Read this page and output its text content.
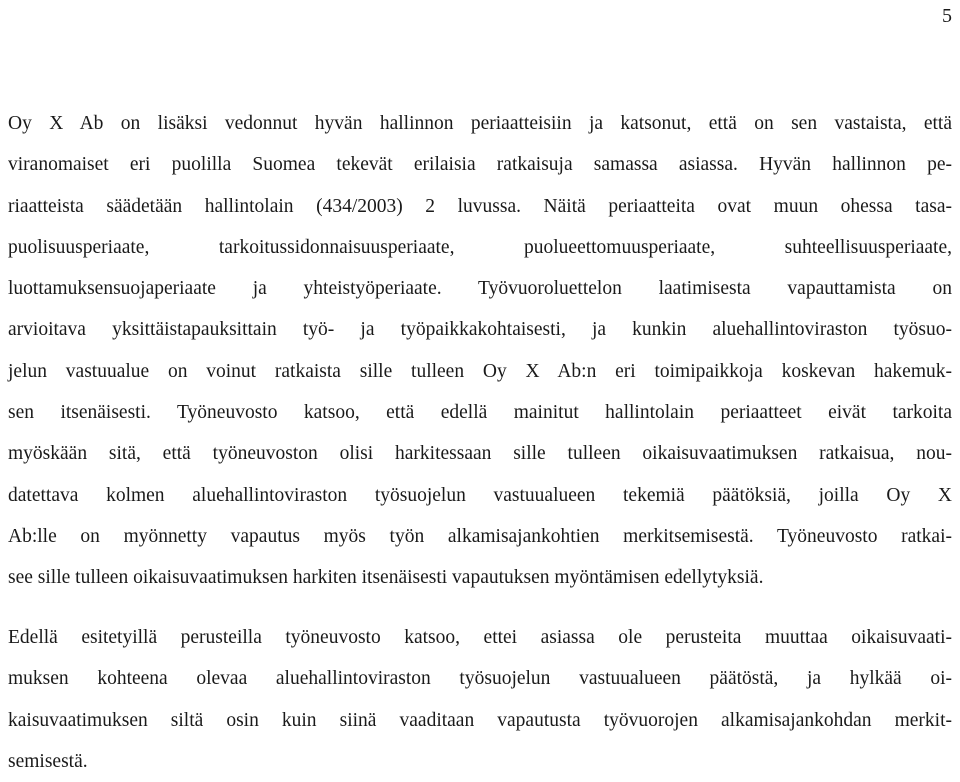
5

Oy X Ab on lisäksi vedonnut hyvän hallinnon periaatteisiin ja katsonut, että on sen vastaista, että
viranomaiset eri puolilla Suomea tekevät erilaisia ratkaisuja samassa asiassa. Hyvän hallinnon pe-
riaatteista säädetään hallintolain (434/2003) 2 luvussa. Näitä periaatteita ovat muun ohessa tasa-
puolisuusperiaate, tarkoitussidonnaisuusperiaate, puolueettomuusperiaate, suhteellisuusperiaate,
luottamuksensuojaperiaate ja yhteistyöperiaate. Työvuoroluettelon laatimisesta vapauttamista on
arvioitava yksittäistapauksittain työ- ja työpaikkakohtaisesti, ja kunkin aluehallintoviraston työsuo-
jelun vastuualue on voinut ratkaista sille tulleen Oy X Ab:n eri toimipaikkoja koskevan hakemuk-
sen itsenäisesti. Työneuvosto katsoo, että edellä mainitut hallintolain periaatteet eivät tarkoita
myöskään sitä, että työneuvoston olisi harkitessaan sille tulleen oikaisuvaatimuksen ratkaisua, nou-
datettava kolmen aluehallintoviraston työsuojelun vastuualueen tekemiä päätöksiä, joilla Oy X
Ab:lle on myönnetty vapautus myös työn alkamisajankohtien merkitsemisestä. Työneuvosto ratkai-
see sille tulleen oikaisuvaatimuksen harkiten itsenäisesti vapautuksen myöntämisen edellytyksiä.

Edellä esitetyillä perusteilla työneuvosto katsoo, ettei asiassa ole perusteita muuttaa oikaisuvaati-
muksen kohteena olevaa aluehallintoviraston työsuojelun vastuualueen päätöstä, ja hylkää oi-
kaisuvaatimuksen siltä osin kuin siinä vaaditaan vapautusta työvuorojen alkamisajankohdan merkit-
semisestä.
